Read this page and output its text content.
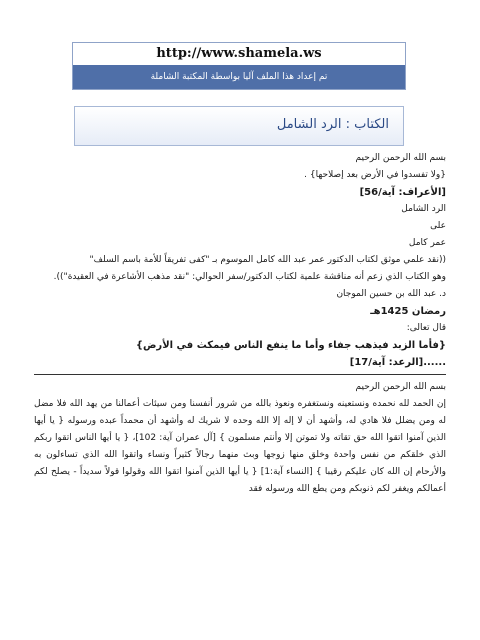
http://www.shamela.ws
تم إعداد هذا الملف آليا بواسطة المكتبة الشاملة
الكتاب : الرد الشامل
بسم الله الرحمن الرحيم
{ولا تفسدوا في الأرض بعد إصلاحها} .
[الأعراف: آية/56]
الرد الشامل
على
عمر كامل
((نقد علمي موثق لكتاب الدكتور عمر عبد الله كامل الموسوم بـ "كفى تفريقاً للأمة باسم السلف"
وهو الكتاب الذي زعم أنه مناقشة علمية لكتاب الدكتور/سفر الحوالي: "نقد مذهب الأشاعرة في العقيدة")).
د. عبد الله بن حسين الموجان
رمضان 1425هـ
قال تعالى:
{فأما الزبد فيذهب جفاء وأما ما ينفع الناس فيمكث في الأرض}
......[الرعد: آية/17]
بسم الله الرحمن الرحيم
إن الحمد لله نحمده ونستعينه ونستغفره ونعوذ بالله من شرور أنفسنا ومن سيئات أعمالنا من يهد الله فلا مضل له ومن يضلل فلا هادي له، وأشهد أن لا إله إلا الله وحده لا شريك له وأشهد أن محمداً عبده ورسوله { يا أيها الذين آمنوا اتقوا الله حق تقاته ولا تموتن إلا وأنتم مسلمون } [آل عمران آية: 102]، { يا أيها الناس اتقوا ربكم الذي خلقكم من نفس واحدة وخلق منها زوجها وبث منهما رجالاً كثيراً ونساء واتقوا الله الذي تساءلون به والأرحام إن الله كان عليكم رقيبا } [النساء آية:1] { يا أيها الذين آمنوا اتقوا الله وقولوا قولاً سديداً - يصلح لكم أعمالكم ويغفر لكم ذنوبكم ومن يطع الله ورسوله فقد
